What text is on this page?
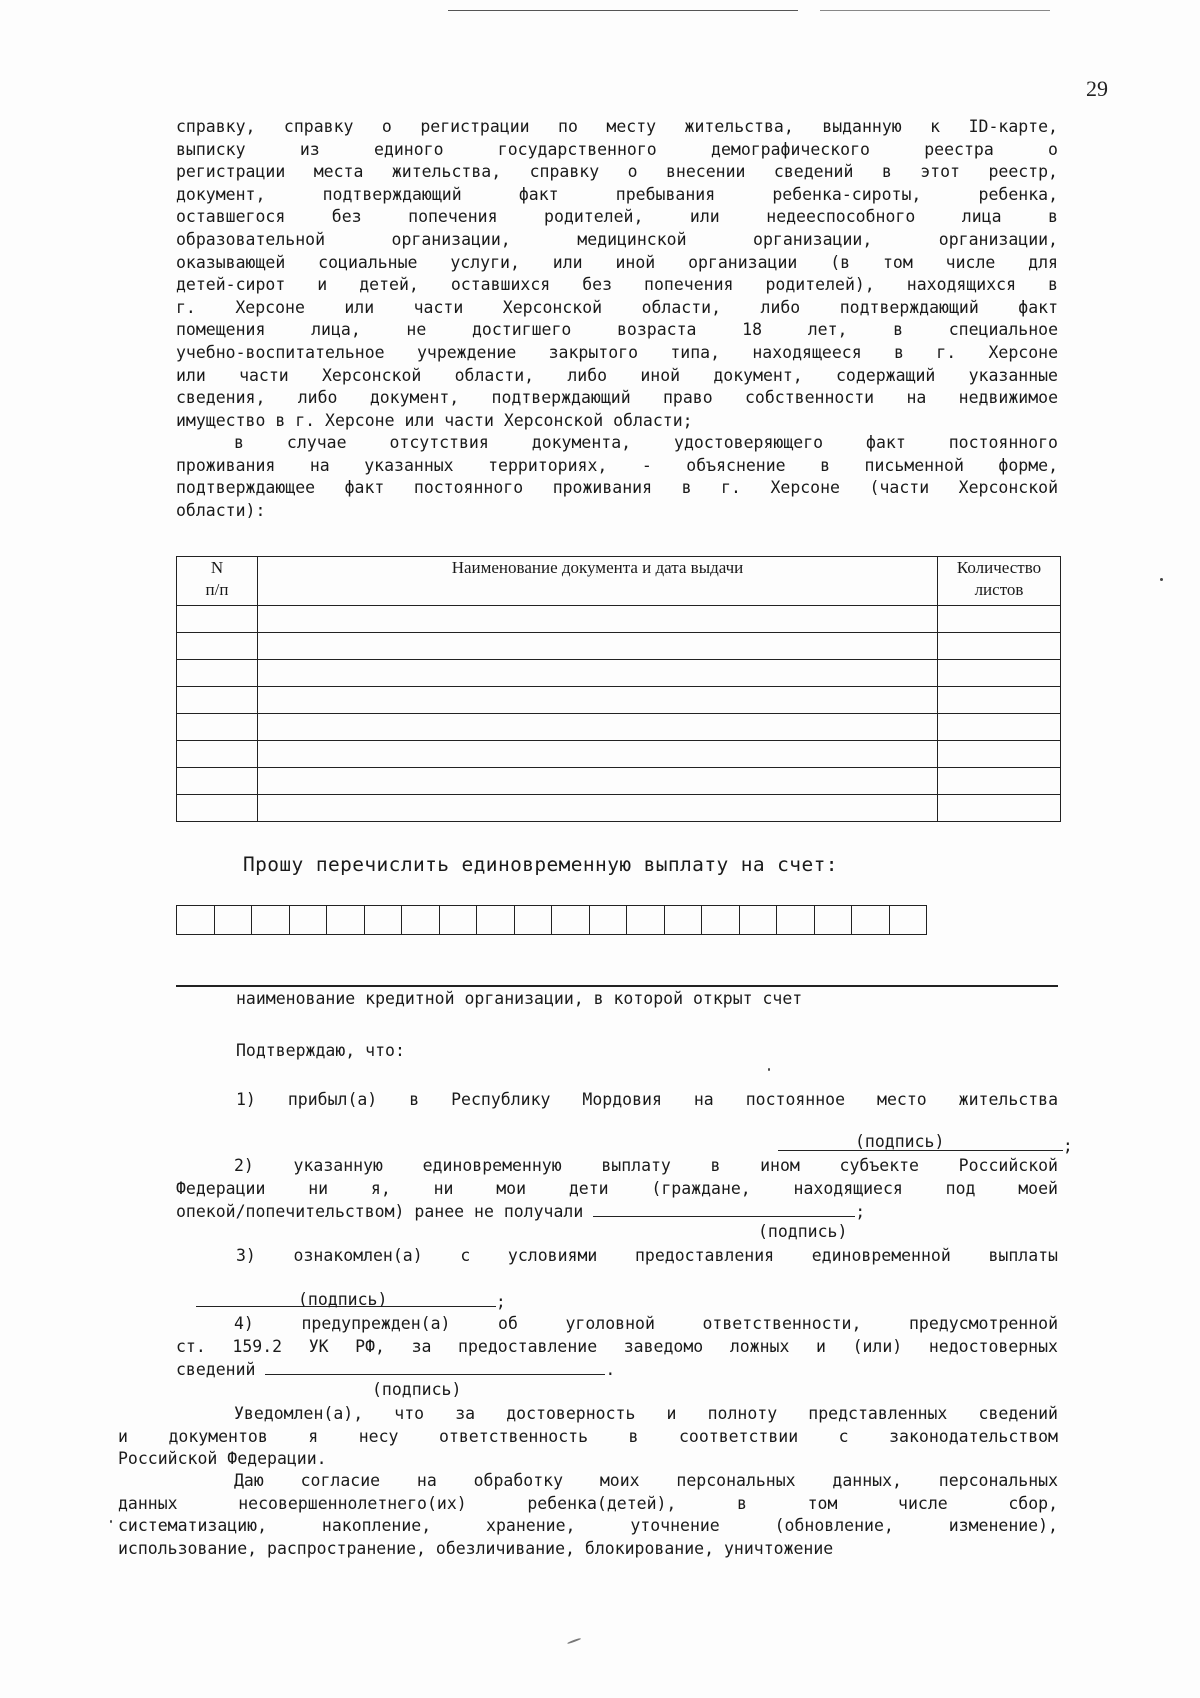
29
справку, справку о регистрации по месту жительства, выданную к ID-карте,
выписку из единого государственного демографического реестра о
регистрации места жительства, справку о внесении сведений в этот реестр,
документ, подтверждающий факт пребывания ребенка-сироты, ребенка,
оставшегося без попечения родителей, или недееспособного лица в
образовательной организации, медицинской организации, организации,
оказывающей социальные услуги, или иной организации (в том числе для
детей-сирот и детей, оставшихся без попечения родителей), находящихся в
г. Херсоне или части Херсонской области, либо подтверждающий факт
помещения лица, не достигшего возраста 18 лет, в специальное
учебно-воспитательное учреждение закрытого типа, находящееся в г. Херсоне
или части Херсонской области, либо иной документ, содержащий указанные
сведения, либо документ, подтверждающий право собственности на недвижимое
имущество в г. Херсоне или части Херсонской области;
в случае отсутствия документа, удостоверяющего факт постоянного
проживания на указанных территориях, - объяснение в письменной форме,
подтверждающее факт постоянного проживания в г. Херсоне (части Херсонской
области):
N
п/п	Наименование документа и дата выдачи	Количество
листов

Прошу перечислить единовременную выплату на счет:
наименование кредитной организации, в которой открыт счет
Подтверждаю, что:
1) прибыл(а) в Республику Мордовия на постоянное место жительства

;

(подпись)
2) указанную единовременную выплату в ином субъекте Российской
Федерации ни я, ни мои дети (граждане, находящиеся под моей
опекой/попечительством) ранее не получали	;
(подпись)
3) ознакомлен(а) с условиями предоставления единовременной выплаты

;

(подпись)
4) предупрежден(а) об уголовной ответственности, предусмотренной
ст. 159.2 УК РФ, за предоставление заведомо ложных и (или) недостоверных
сведений	.
(подпись)
Уведомлен(а), что за достоверность и полноту представленных сведений
и документов я несу ответственность в соответствии с законодательством
Российской Федерации.
Даю согласие на обработку моих персональных данных, персональных
данных несовершеннолетнего(их) ребенка(детей), в том числе сбор,
систематизацию, накопление, хранение, уточнение (обновление, изменение),
использование, распространение, обезличивание, блокирование, уничтожение
